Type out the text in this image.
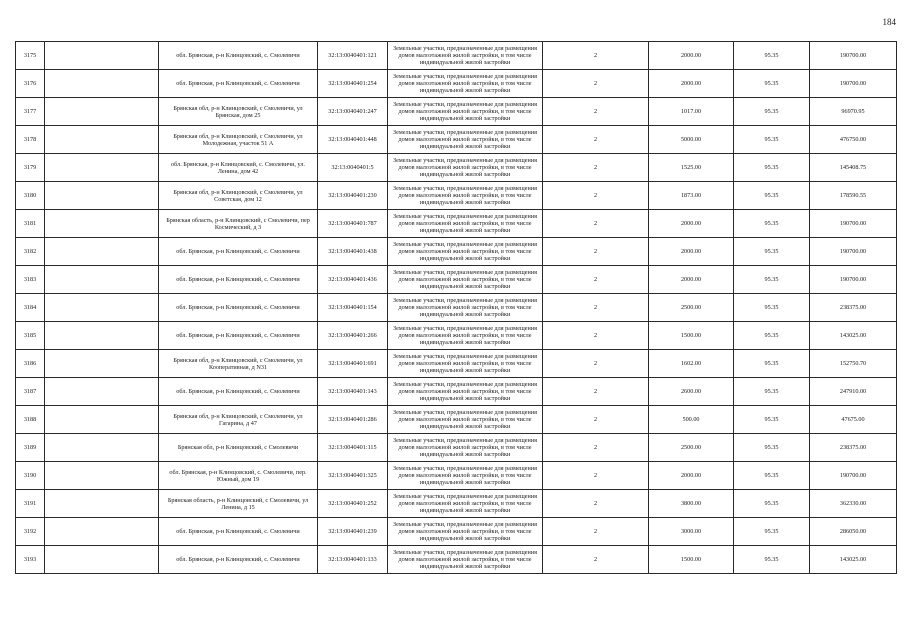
184
3175		обл. Брянская, р-н Клинцовский, с. Смолевичи	32:13:0040401:121	Земельные участки, предназначенные для размещения домов малоэтажной жилой застройки, в том числе индивидуальной жилой застройки	2	2000.00	95.35	190700.00
3176		обл. Брянская, р-н Клинцовский, с. Смолевичи	32:13:0040401:254	Земельные участки, предназначенные для размещения домов малоэтажной жилой застройки, в том числе индивидуальной жилой застройки	2	2000.00	95.35	190700.00
3177		Брянская обл, р-н Клинцовский, с Смолевичи, ул Брянская, дом 25	32:13:0040401:247	Земельные участки, предназначенные для размещения домов малоэтажной жилой застройки, в том числе индивидуальной жилой застройки	2	1017.00	95.35	96970.95
3178		Брянская обл, р-н Клинцовский, с Смолевичи, ул Молодежная, участок 51 А	32:13:0040401:448	Земельные участки, предназначенные для размещения домов малоэтажной жилой застройки, в том числе индивидуальной жилой застройки	2	5000.00	95.35	476750.00
3179		обл. Брянская, р-н Клинцовский, с. Смолевичи, ул. Ленина, дом 42	32:13:0040401:5	Земельные участки, предназначенные для размещения домов малоэтажной жилой застройки, в том числе индивидуальной жилой застройки	2	1525.00	95.35	145408.75
3180		Брянская обл, р-н Клинцовский, с Смолевичи, ул Советская, дом 12	32:13:0040401:230	Земельные участки, предназначенные для размещения домов малоэтажной жилой застройки, в том числе индивидуальной жилой застройки	2	1873.00	95.35	178590.55
3181		Брянская область, р-н Клинцовский, с Смолевичи, пер Космический, д 3	32:13:0040401:787	Земельные участки, предназначенные для размещения домов малоэтажной жилой застройки, в том числе индивидуальной жилой застройки	2	2000.00	95.35	190700.00
3182		обл. Брянская, р-н Клинцовский, с. Смолевичи	32:13:0040401:438	Земельные участки, предназначенные для размещения домов малоэтажной жилой застройки, в том числе индивидуальной жилой застройки	2	2000.00	95.35	190700.00
3183		обл. Брянская, р-н Клинцовский, с. Смолевичи	32:13:0040401:436	Земельные участки, предназначенные для размещения домов малоэтажной жилой застройки, в том числе индивидуальной жилой застройки	2	2000.00	95.35	190700.00
3184		обл. Брянская, р-н Клинцовский, с. Смолевичи	32:13:0040401:154	Земельные участки, предназначенные для размещения домов малоэтажной жилой застройки, в том числе индивидуальной жилой застройки	2	2500.00	95.35	238375.00
3185		обл. Брянская, р-н Клинцовский, с. Смолевичи	32:13:0040401:266	Земельные участки, предназначенные для размещения домов малоэтажной жилой застройки, в том числе индивидуальной жилой застройки	2	1500.00	95.35	143025.00
3186		Брянская обл, р-н Клинцовский, с Смолевичи, ул Кооперативная, д N31	32:13:0040401:691	Земельные участки, предназначенные для размещения домов малоэтажной жилой застройки, в том числе индивидуальной жилой застройки	2	1602.00	95.35	152750.70
3187		обл. Брянская, р-н Клинцовский, с. Смолевичи	32:13:0040401:143	Земельные участки, предназначенные для размещения домов малоэтажной жилой застройки, в том числе индивидуальной жилой застройки	2	2600.00	95.35	247910.00
3188		Брянская обл, р-н Клинцовский, с Смолевичи, ул Гагарина, д 47	32:13:0040401:286	Земельные участки, предназначенные для размещения домов малоэтажной жилой застройки, в том числе индивидуальной жилой застройки	2	500.00	95.35	47675.00
3189		Брянская обл, р-н Клинцовский, с Смолевичи	32:13:0040401:115	Земельные участки, предназначенные для размещения домов малоэтажной жилой застройки, в том числе индивидуальной жилой застройки	2	2500.00	95.35	238375.00
3190		обл. Брянская, р-н Клинцовский, с. Смолевичи, пер. Южный, дом 19	32:13:0040401:325	Земельные участки, предназначенные для размещения домов малоэтажной жилой застройки, в том числе индивидуальной жилой застройки	2	2000.00	95.35	190700.00
3191		Брянская область, р-н Клинцовский, с Смолевичи, ул Ленина, д 15	32:13:0040401:252	Земельные участки, предназначенные для размещения домов малоэтажной жилой застройки, в том числе индивидуальной жилой застройки	2	3800.00	95.35	362330.00
3192		обл. Брянская, р-н Клинцовский, с. Смолевичи	32:13:0040401:239	Земельные участки, предназначенные для размещения домов малоэтажной жилой застройки, в том числе индивидуальной жилой застройки	2	3000.00	95.35	286050.00
3193		обл. Брянская, р-н Клинцовский, с. Смолевичи	32:13:0040401:133	Земельные участки, предназначенные для размещения домов малоэтажной жилой застройки, в том числе индивидуальной жилой застройки	2	1500.00	95.35	143025.00
